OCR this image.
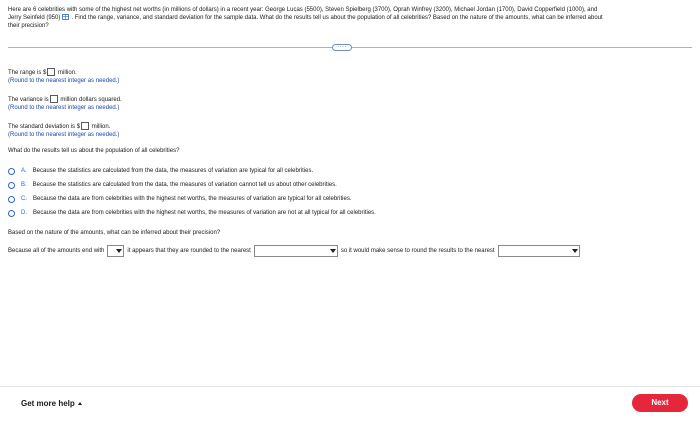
Here are 6 celebrities with some of the highest net worths (in millions of dollars) in a recent year: George Lucas (5500), Steven Spielberg (3700), Oprah Winfrey (3200), Michael Jordan (1700), David Copperfield (1000), and
Jerry Seinfeld (950) . Find the range, variance, and standard deviation for the sample data. What do the results tell us about the population of all celebrities? Based on the nature of the amounts, what can be inferred about
their precision?
····
The range is $ million.
(Round to the nearest integer as needed.)
The variance is million dollars squared.
(Round to the nearest integer as needed.)
The standard deviation is $ million.
(Round to the nearest integer as needed.)
What do the results tell us about the population of all celebrities?
A. Because the statistics are calculated from the data, the measures of variation are typical for all celebrities.
B. Because the statistics are calculated from the data, the measures of variation cannot tell us about other celebrities.
C. Because the data are from celebrities with the highest net worths, the measures of variation are typical for all celebrities.
D. Because the data are from celebrities with the highest net worths, the measures of variation are not at all typical for all celebrities.
Based on the nature of the amounts, what can be inferred about their precision?
Because all of the amounts end with	it appears that they are rounded to the nearest	so it would make sense to round the results to the nearest
Get more help	Next
